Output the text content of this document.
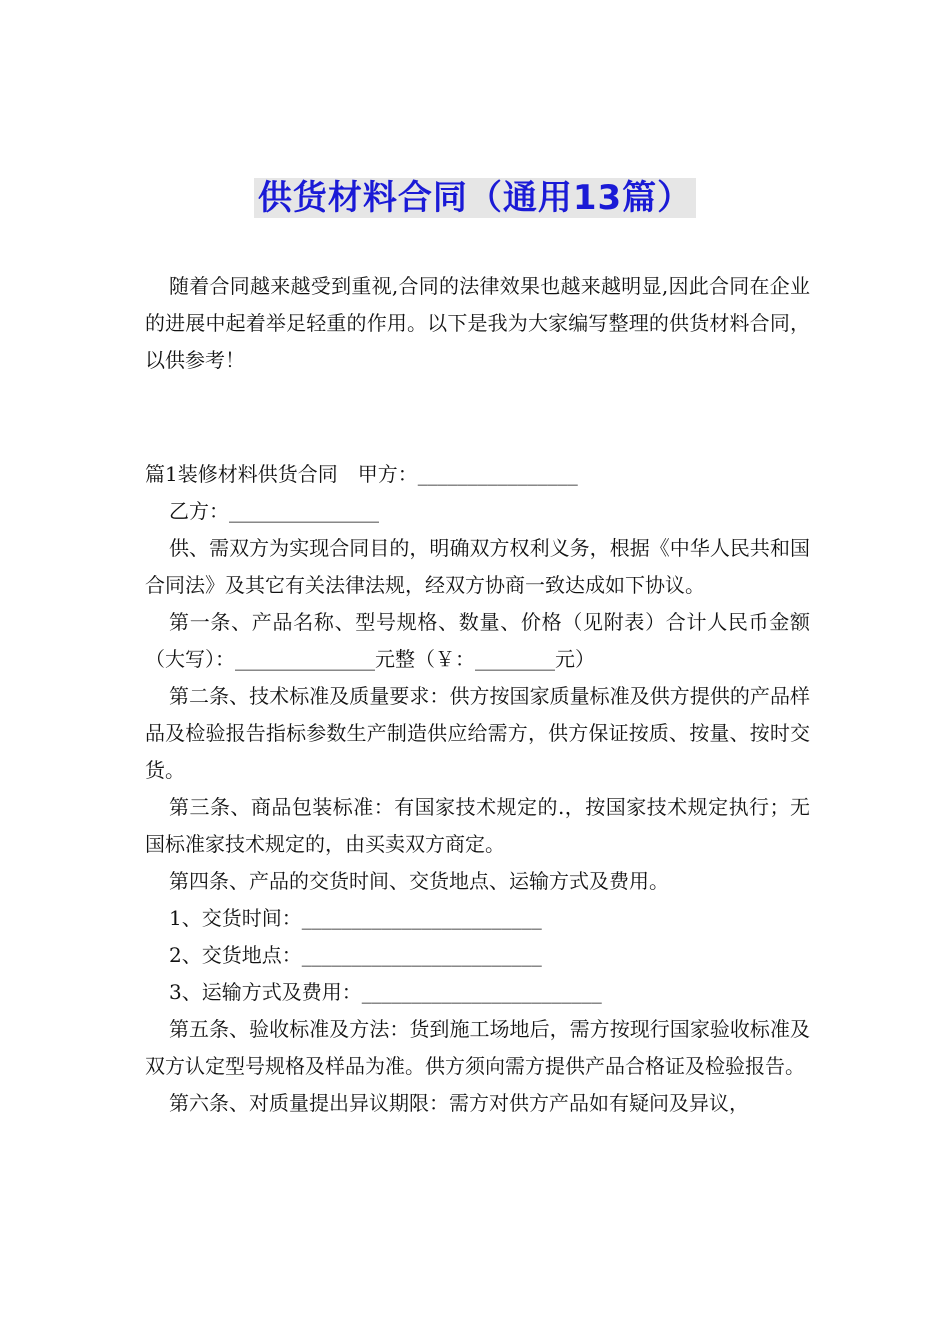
供货材料合同（通用13篇）

随着合同越来越受到重视,合同的法律效果也越来越明显,因此合同在企业的进展中起着举足轻重的作用。以下是我为大家编写整理的供货材料合同，以供参考！

篇1装修材料供货合同　甲方：________________

乙方：_______________

供、需双方为实现合同目的，明确双方权利义务，根据《中华人民共和国合同法》及其它有关法律法规，经双方协商一致达成如下协议。

第一条、产品名称、型号规格、数量、价格（见附表）合计人民币金额（大写）：______________元整（￥：________元）

第二条、技术标准及质量要求：供方按国家质量标准及供方提供的产品样品及检验报告指标参数生产制造供应给需方，供方保证按质、按量、按时交货。

第三条、商品包装标准：有国家技术规定的.，按国家技术规定执行；无国标准家技术规定的，由买卖双方商定。

第四条、产品的交货时间、交货地点、运输方式及费用。

1、交货时间：________________________

2、交货地点：________________________

3、运输方式及费用：________________________

第五条、验收标准及方法：货到施工场地后，需方按现行国家验收标准及双方认定型号规格及样品为准。供方须向需方提供产品合格证及检验报告。

第六条、对质量提出异议期限：需方对供方产品如有疑问及异议，
